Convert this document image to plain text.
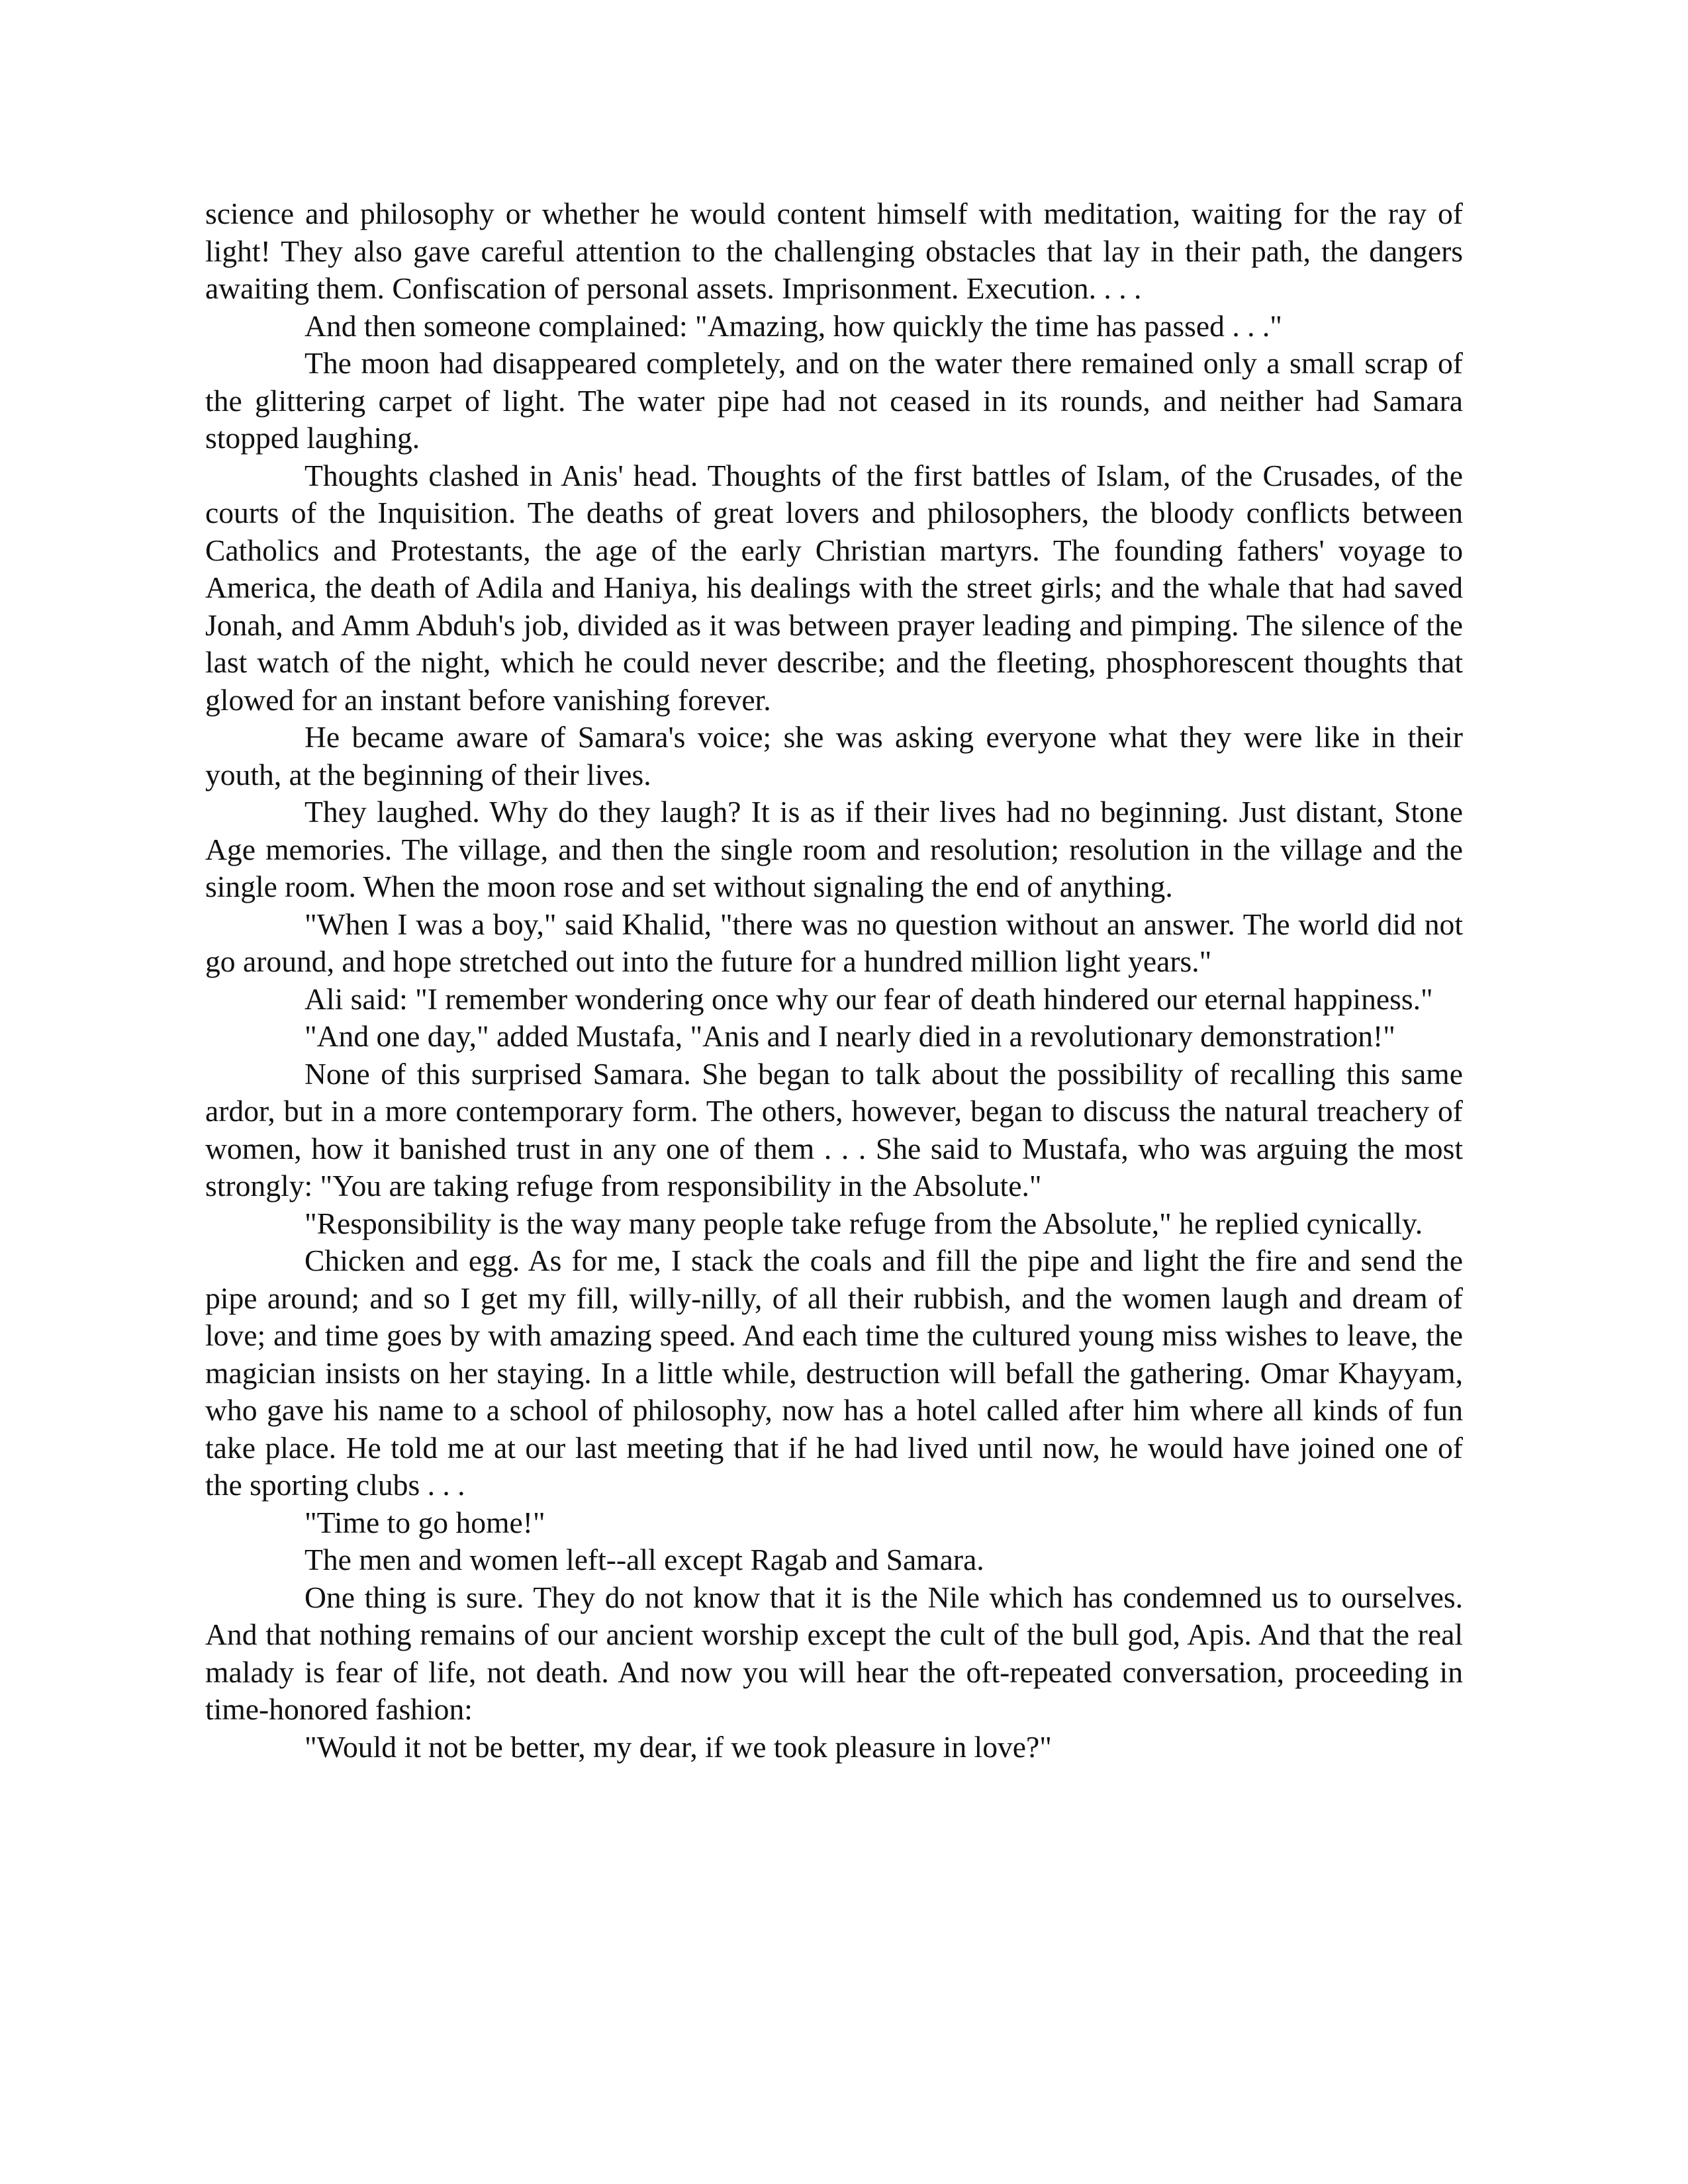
science and philosophy or whether he would content himself with meditation, waiting for the ray of light! They also gave careful attention to the challenging obstacles that lay in their path, the dangers awaiting them. Confiscation of personal assets. Imprisonment. Execution. . . .

And then someone complained: "Amazing, how quickly the time has passed . . ."

The moon had disappeared completely, and on the water there remained only a small scrap of the glittering carpet of light. The water pipe had not ceased in its rounds, and neither had Samara stopped laughing.

Thoughts clashed in Anis' head. Thoughts of the first battles of Islam, of the Crusades, of the courts of the Inquisition. The deaths of great lovers and philosophers, the bloody conflicts between Catholics and Protestants, the age of the early Christian martyrs. The founding fathers' voyage to America, the death of Adila and Haniya, his dealings with the street girls; and the whale that had saved Jonah, and Amm Abduh's job, divided as it was between prayer leading and pimping. The silence of the last watch of the night, which he could never describe; and the fleeting, phosphorescent thoughts that glowed for an instant before vanishing forever.

He became aware of Samara's voice; she was asking everyone what they were like in their youth, at the beginning of their lives.

They laughed. Why do they laugh? It is as if their lives had no beginning. Just distant, Stone Age memories. The village, and then the single room and resolution; resolution in the village and the single room. When the moon rose and set without signaling the end of anything.

"When I was a boy," said Khalid, "there was no question without an answer. The world did not go around, and hope stretched out into the future for a hundred million light years."

Ali said: "I remember wondering once why our fear of death hindered our eternal happiness."

"And one day," added Mustafa, "Anis and I nearly died in a revolutionary demonstration!"

None of this surprised Samara. She began to talk about the possibility of recalling this same ardor, but in a more contemporary form. The others, however, began to discuss the natural treachery of women, how it banished trust in any one of them . . . She said to Mustafa, who was arguing the most strongly: "You are taking refuge from responsibility in the Absolute."

"Responsibility is the way many people take refuge from the Absolute," he replied cynically.

Chicken and egg. As for me, I stack the coals and fill the pipe and light the fire and send the pipe around; and so I get my fill, willy-nilly, of all their rubbish, and the women laugh and dream of love; and time goes by with amazing speed. And each time the cultured young miss wishes to leave, the magician insists on her staying. In a little while, destruction will befall the gathering. Omar Khayyam, who gave his name to a school of philosophy, now has a hotel called after him where all kinds of fun take place. He told me at our last meeting that if he had lived until now, he would have joined one of the sporting clubs . . .

"Time to go home!"

The men and women left--all except Ragab and Samara.

One thing is sure. They do not know that it is the Nile which has condemned us to ourselves. And that nothing remains of our ancient worship except the cult of the bull god, Apis. And that the real malady is fear of life, not death. And now you will hear the oft-repeated conversation, proceeding in time-honored fashion:

"Would it not be better, my dear, if we took pleasure in love?"
